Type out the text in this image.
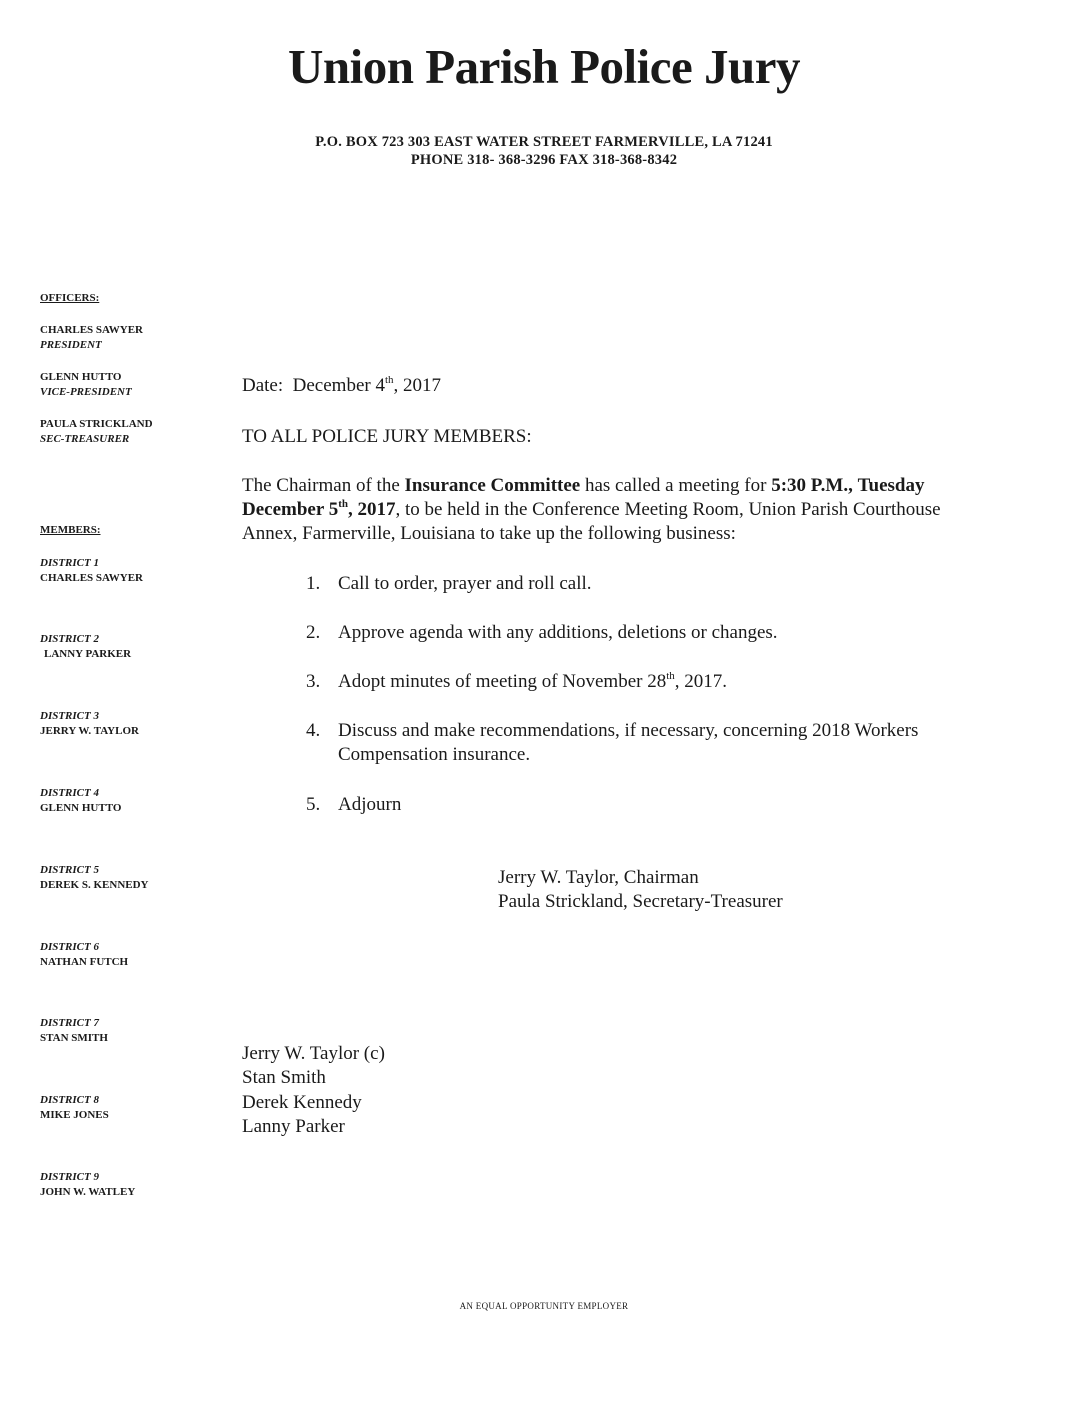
Union Parish Police Jury
P.O. BOX 723 303 EAST WATER STREET FARMERVILLE, LA 71241
PHONE 318- 368-3296 FAX 318-368-8342
OFFICERS:
CHARLES SAWYER
PRESIDENT
GLENN HUTTO
VICE-PRESIDENT
PAULA STRICKLAND
SEC-TREASURER
MEMBERS:
DISTRICT 1
CHARLES SAWYER
DISTRICT 2
LANNY PARKER
DISTRICT 3
JERRY W. TAYLOR
DISTRICT 4
GLENN HUTTO
DISTRICT 5
DEREK S. KENNEDY
DISTRICT 6
NATHAN FUTCH
DISTRICT 7
STAN SMITH
DISTRICT 8
MIKE JONES
DISTRICT 9
JOHN W. WATLEY
Date: December 4th, 2017
TO ALL POLICE JURY MEMBERS:
The Chairman of the Insurance Committee has called a meeting for 5:30 P.M., Tuesday December 5th, 2017, to be held in the Conference Meeting Room, Union Parish Courthouse Annex, Farmerville, Louisiana to take up the following business:
1. Call to order, prayer and roll call.
2. Approve agenda with any additions, deletions or changes.
3. Adopt minutes of meeting of November 28th, 2017.
4. Discuss and make recommendations, if necessary, concerning 2018 Workers Compensation insurance.
5. Adjourn
Jerry W. Taylor, Chairman
Paula Strickland, Secretary-Treasurer
Jerry W. Taylor (c)
Stan Smith
Derek Kennedy
Lanny Parker
AN EQUAL OPPORTUNITY EMPLOYER
